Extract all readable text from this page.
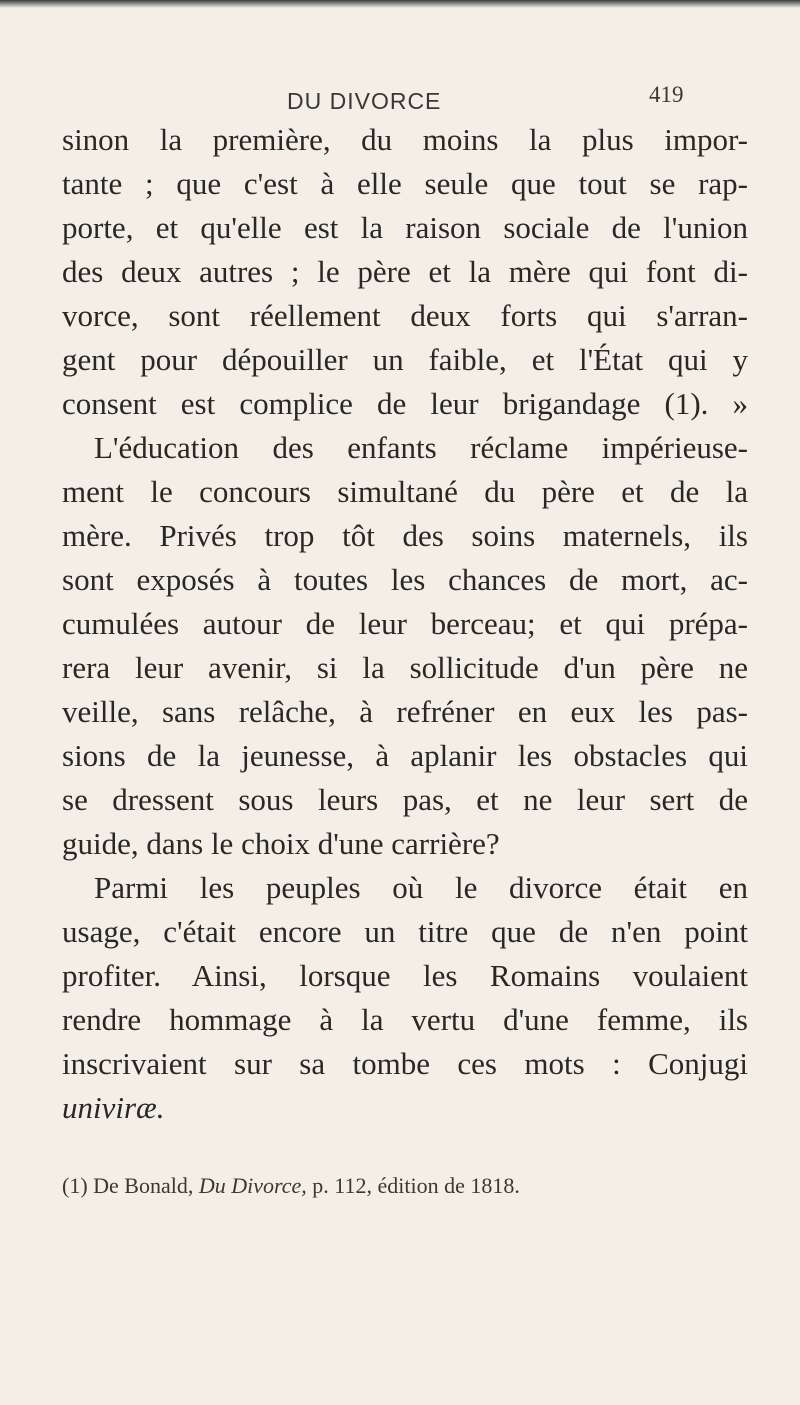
DU DIVORCE	419
sinon la première, du moins la plus impor-
tante ; que c'est à elle seule que tout se rap-
porte, et qu'elle est la raison sociale de l'union
des deux autres ; le père et la mère qui font di-
vorce, sont réellement deux forts qui s'arran-
gent pour dépouiller un faible, et l'État qui y
consent est complice de leur brigandage (1). »
L'éducation des enfants réclame impérieuse-
ment le concours simultané du père et de la
mère. Privés trop tôt des soins maternels, ils
sont exposés à toutes les chances de mort, ac-
cumulées autour de leur berceau; et qui prépa-
rera leur avenir, si la sollicitude d'un père ne
veille, sans relâche, à refréner en eux les pas-
sions de la jeunesse, à aplanir les obstacles qui
se dressent sous leurs pas, et ne leur sert de
guide, dans le choix d'une carrière?
Parmi les peuples où le divorce était en
usage, c'était encore un titre que de n'en point
profiter. Ainsi, lorsque les Romains voulaient
rendre hommage à la vertu d'une femme, ils
inscrivaient sur sa tombe ces mots : Conjugi
univiræ.
(1) De Bonald, Du Divorce, p. 112, édition de 1818.
